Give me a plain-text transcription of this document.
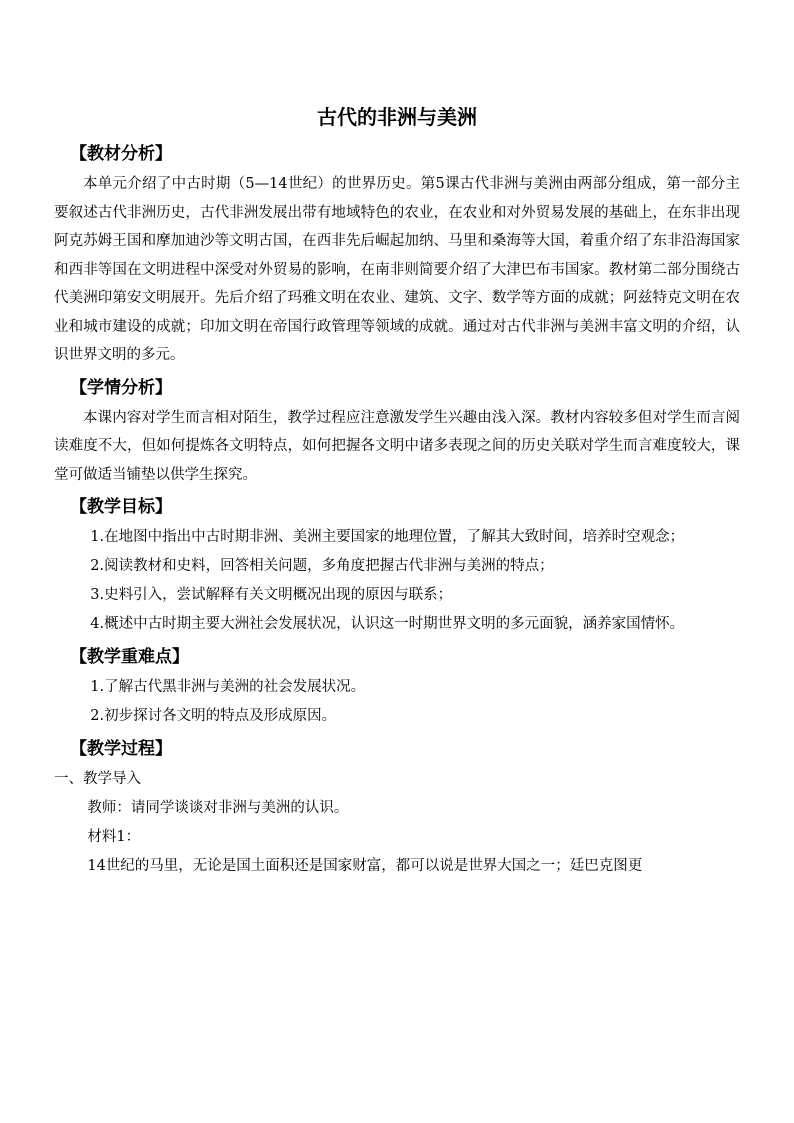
古代的非洲与美洲
【教材分析】

本单元介绍了中古时期（5—14世纪）的世界历史。第5课古代非洲与美洲由两部分组成，第一部分主要叙述古代非洲历史，古代非洲发展出带有地域特色的农业，在农业和对外贸易发展的基础上，在东非出现阿克苏姆王国和摩加迪沙等文明古国，在西非先后崛起加纳、马里和桑海等大国，着重介绍了东非沿海国家和西非等国在文明进程中深受对外贸易的影响，在南非则简要介绍了大津巴布韦国家。教材第二部分围绕古代美洲印第安文明展开。先后介绍了玛雅文明在农业、建筑、文字、数学等方面的成就；阿兹特克文明在农业和城市建设的成就；印加文明在帝国行政管理等领域的成就。通过对古代非洲与美洲丰富文明的介绍，认识世界文明的多元。

【学情分析】

本课内容对学生而言相对陌生，教学过程应注意激发学生兴趣由浅入深。教材内容较多但对学生而言阅读难度不大，但如何提炼各文明特点，如何把握各文明中诸多表现之间的历史关联对学生而言难度较大，课堂可做适当铺垫以供学生探究。

【教学目标】

1.在地图中指出中古时期非洲、美洲主要国家的地理位置，了解其大致时间，培养时空观念；

2.阅读教材和史料，回答相关问题，多角度把握古代非洲与美洲的特点；

3.史料引入，尝试解释有关文明概况出现的原因与联系；

4.概述中古时期主要大洲社会发展状况，认识这一时期世界文明的多元面貌，涵养家国情怀。

【教学重难点】

1.了解古代黑非洲与美洲的社会发展状况。

2.初步探讨各文明的特点及形成原因。

【教学过程】

一、教学导入

教师：请同学谈谈对非洲与美洲的认识。

材料1：

14世纪的马里，无论是国土面积还是国家财富，都可以说是世界大国之一；廷巴克图更
